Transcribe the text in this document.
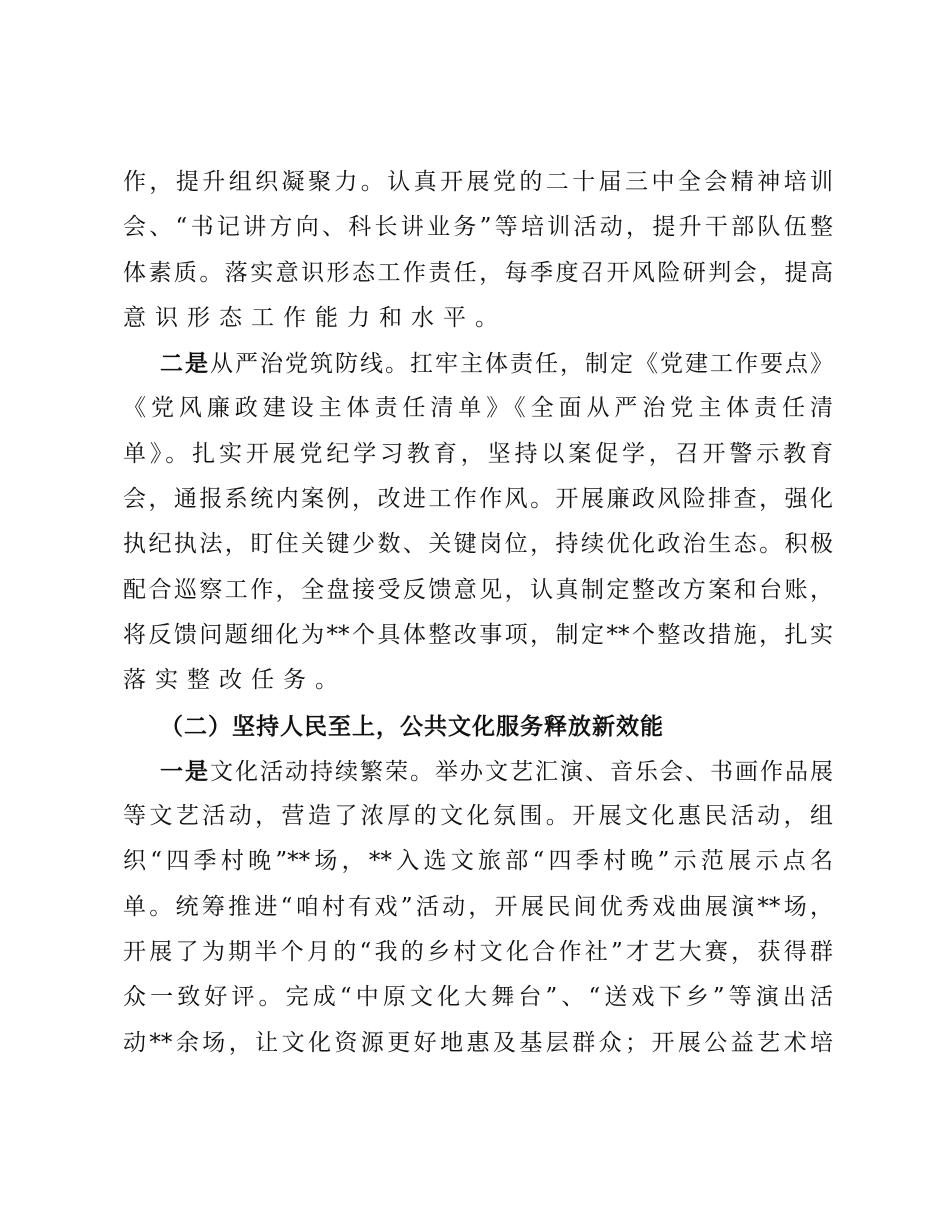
作，提升组织凝聚力。认真开展党的二十届三中全会精神培训
会、“书记讲方向、科长讲业务”等培训活动，提升干部队伍整
体素质。落实意识形态工作责任，每季度召开风险研判会，提高
意识形态工作能力和水平。
二是从严治党筑防线。扛牢主体责任，制定《党建工作要点》
《党风廉政建设主体责任清单》《全面从严治党主体责任清
单》。扎实开展党纪学习教育，坚持以案促学，召开警示教育
会，通报系统内案例，改进工作作风。开展廉政风险排查，强化
执纪执法，盯住关键少数、关键岗位，持续优化政治生态。积极
配合巡察工作，全盘接受反馈意见，认真制定整改方案和台账，
将反馈问题细化为**个具体整改事项，制定**个整改措施，扎实
落实整改任务。
（二）坚持人民至上，公共文化服务释放新效能
一是文化活动持续繁荣。举办文艺汇演、音乐会、书画作品展
等文艺活动，营造了浓厚的文化氛围。开展文化惠民活动，组
织“四季村晚”**场，**入选文旅部“四季村晚”示范展示点名
单。统筹推进“咱村有戏”活动，开展民间优秀戏曲展演**场，
开展了为期半个月的“我的乡村文化合作社”才艺大赛，获得群
众一致好评。完成“中原文化大舞台”、“送戏下乡”等演出活
动**余场，让文化资源更好地惠及基层群众；开展公益艺术培
